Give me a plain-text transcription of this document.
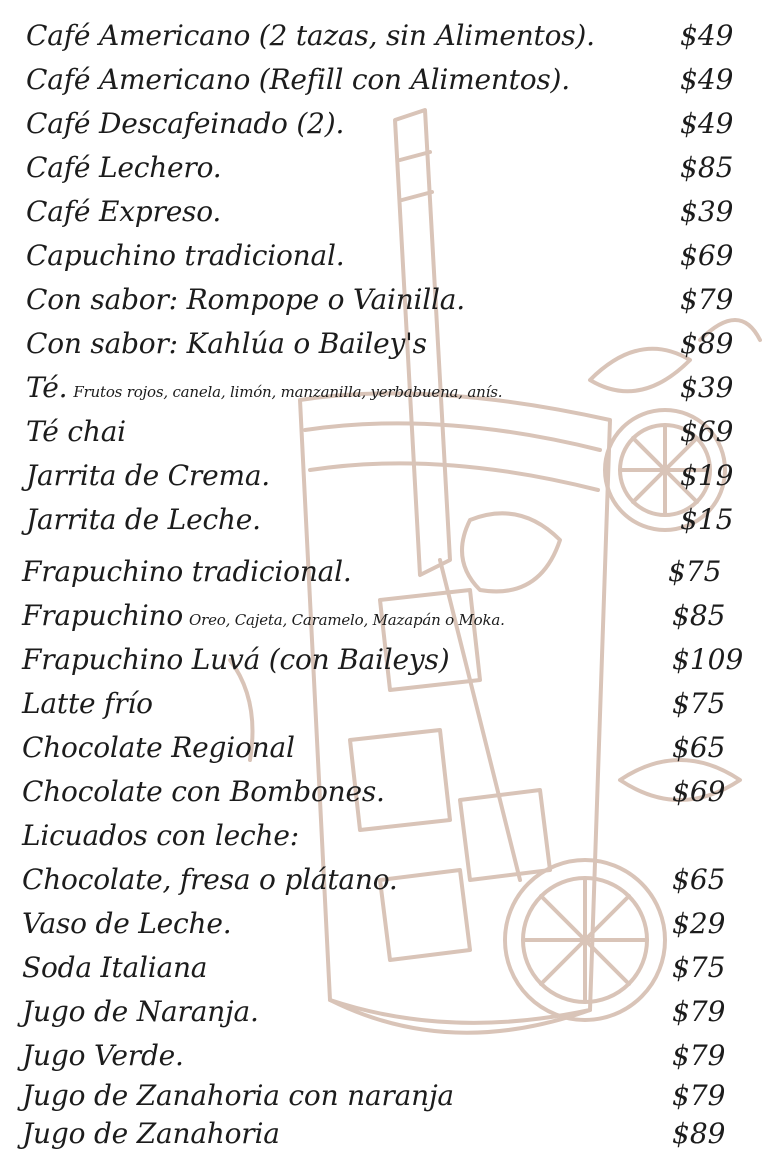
Café Americano (2 tazas, sin Alimentos).	$49
Café Americano (Refill con Alimentos).	$49
Café Descafeinado (2).	$49
Café Lechero.	$85
Café Expreso.	$39
Capuchino tradicional.	$69
Con sabor: Rompope o Vainilla.	$79
Con sabor: Kahlúa o Bailey's	$89
Té. Frutos rojos, canela, limón, manzanilla, yerbabuena, anís.	$39
Té chai	$69
Jarrita de Crema.	$19
Jarrita de Leche.	$15
Frapuchino tradicional.	$75
Frapuchino Oreo, Cajeta, Caramelo, Mazapán o Moka.	$85
Frapuchino Luvá (con Baileys)	$109
Latte frío	$75
Chocolate Regional	$65
Chocolate con Bombones.	$69
Licuados con leche:
Chocolate, fresa o plátano.	$65
Vaso de Leche.	$29
Soda Italiana	$75
Jugo de Naranja.	$79
Jugo Verde.	$79
Jugo de Zanahoria con naranja	$79
Jugo de Zanahoria	$89
